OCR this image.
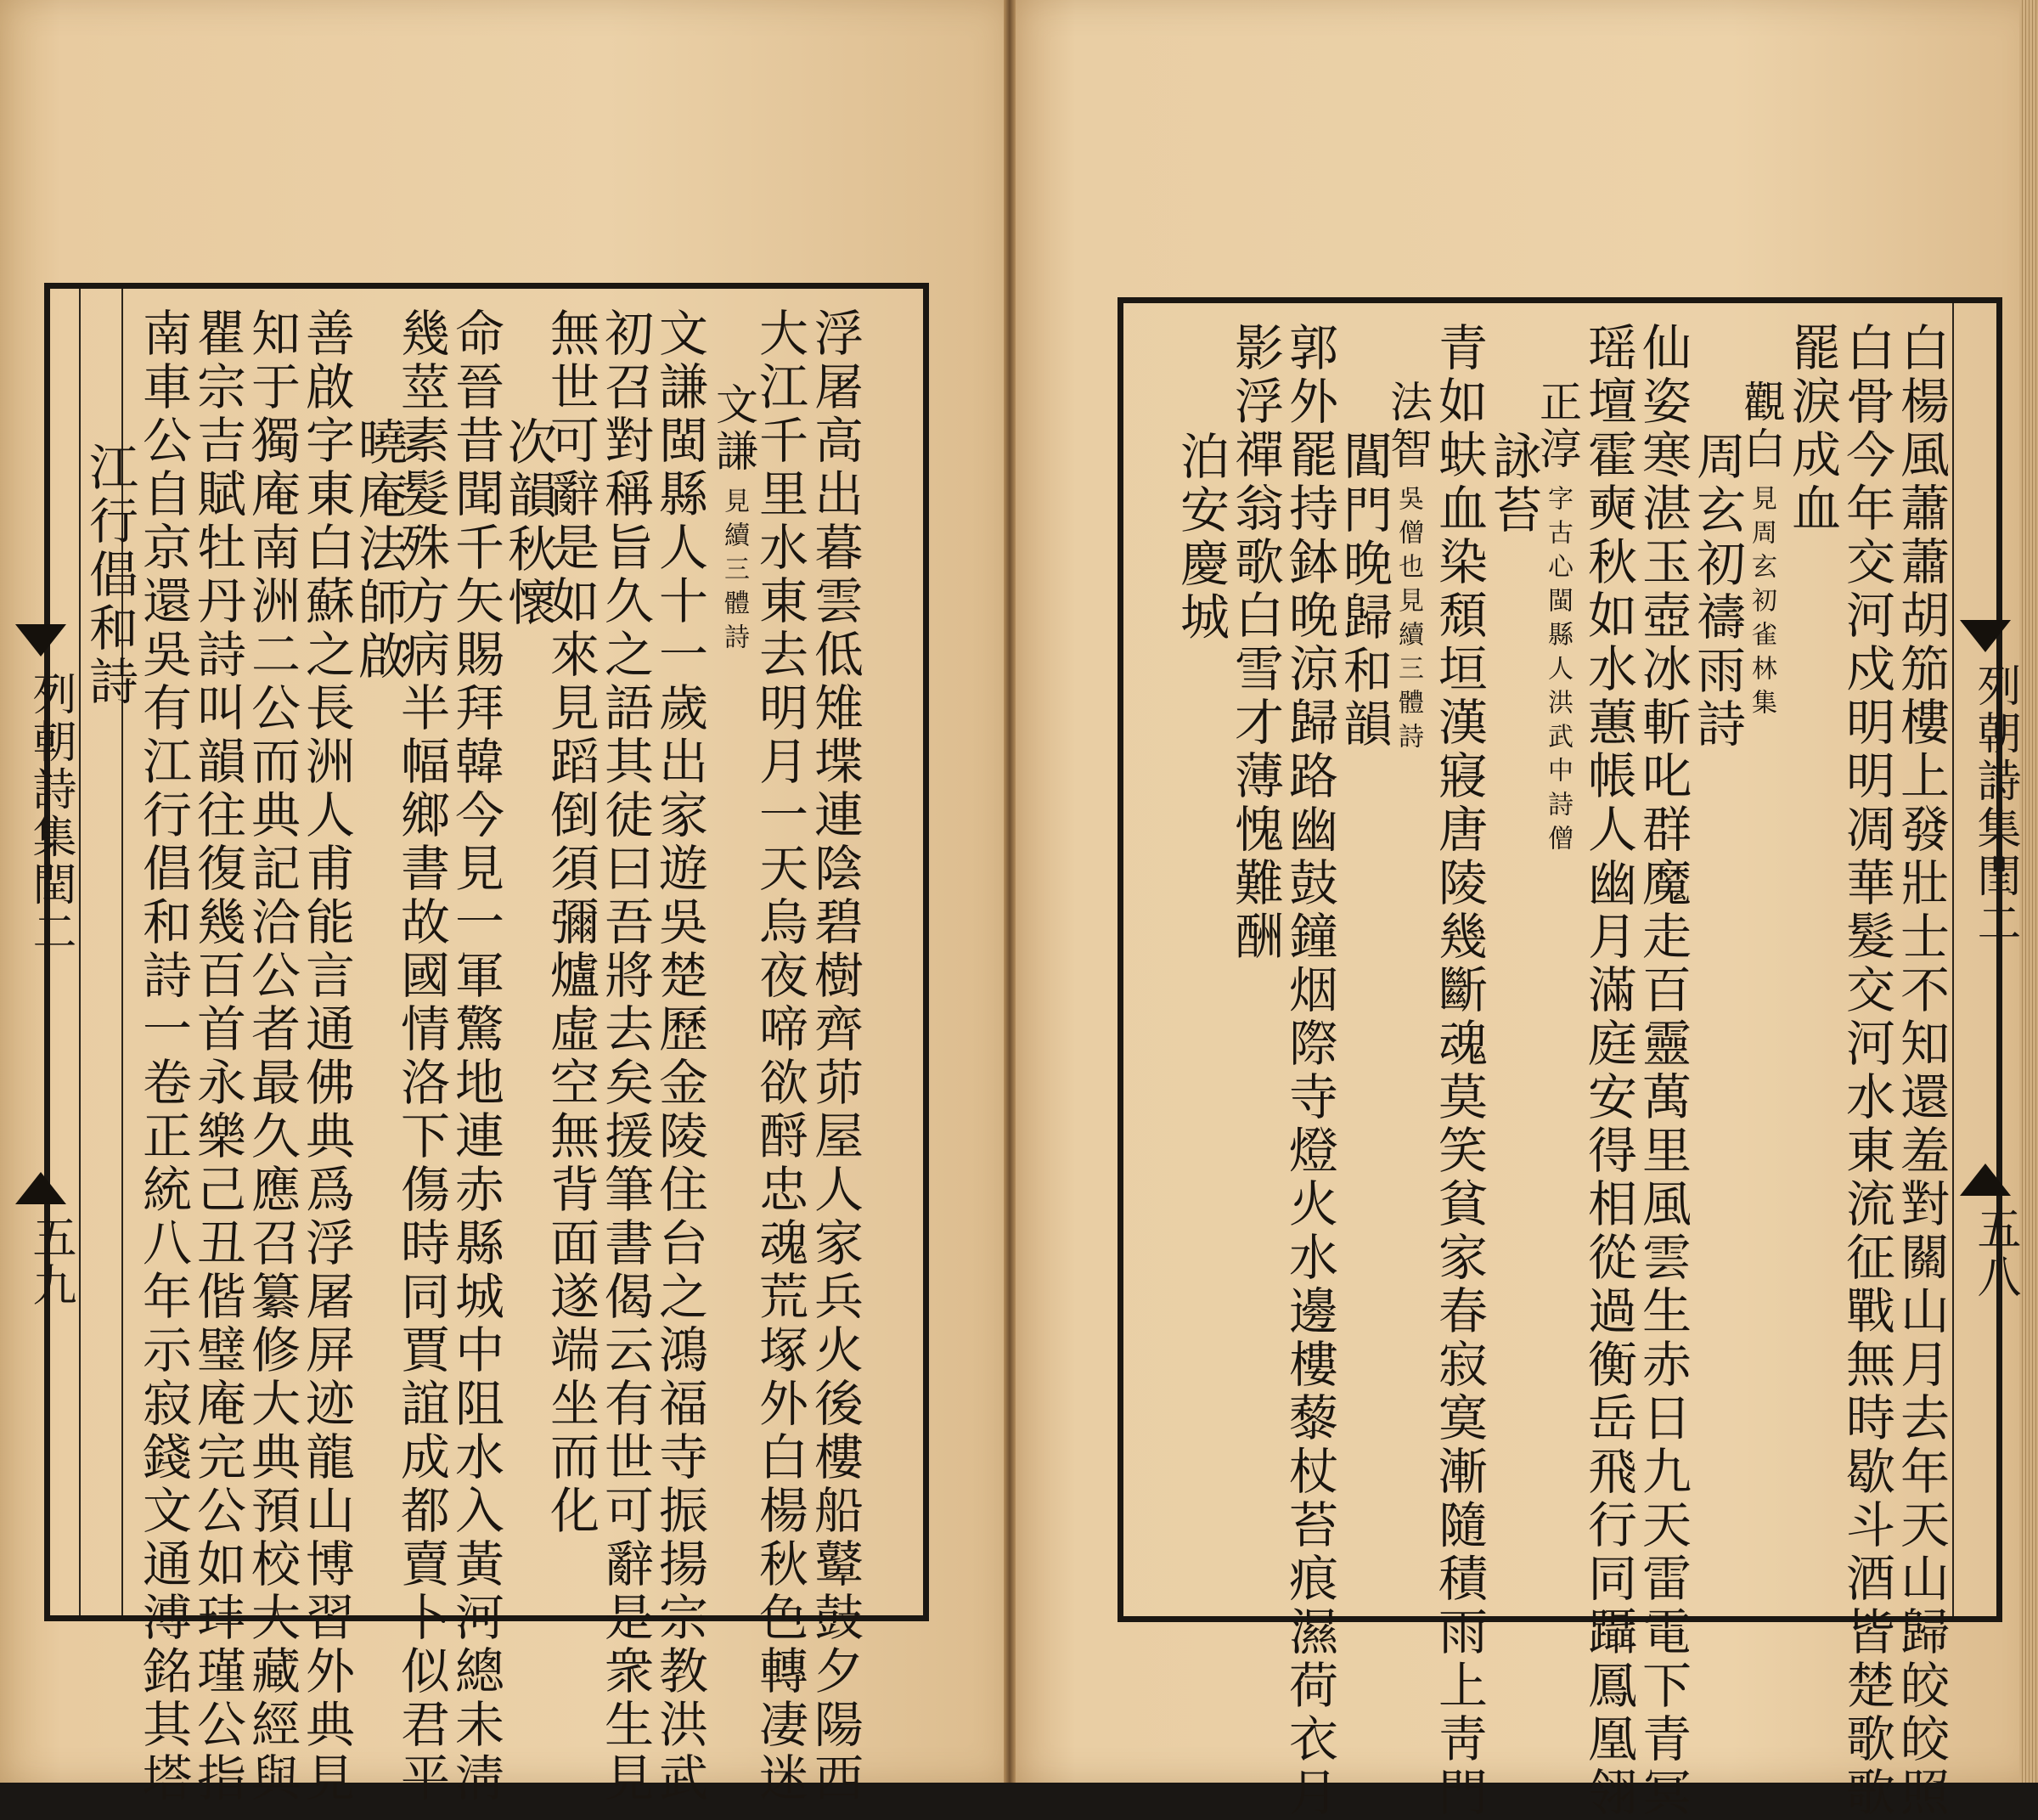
浮屠高出暮雲低雉堞連陰碧樹齊茆屋人家兵火後樓船鼙鼓夕陽西
大江千里水東去明月一天烏夜啼欲酹忠魂荒塚外白楊秋色轉凄迷
文謙
見續三體詩
文謙閩縣人十一歲出家遊吳楚歷金陵住台之鴻福寺振揚宗教洪武
初召對稱旨久之語其徒曰吾將去矣援筆書偈云有世可辭是衆生見
無世可辭是如來見蹈倒須彌爐虛空無背面遂端坐而化
次韻秋懷
命晉昔聞千矢賜拜韓今見一軍驚地連赤縣城中阻水入黃河總未淸
幾莖素髮殊方病半幅鄉書故國情洛下傷時同賈誼成都賣卜似君平
曉庵法師啟
善啟字東白蘇之長洲人甫能言通佛典爲浮屠屏迹龍山博習外典見
知于獨庵南洲二公而典記洽公者最久應召纂修大典預校大藏經與
瞿宗吉賦牡丹詩叫韻往復幾百首永樂己丑偕璧庵完公如玤瑾公指
南車公自京還吳有江行倡和詩一卷正統八年示寂錢文通溥銘其塔
江行倡和詩
列朝詩集閏二
五九	白楊風蕭蕭胡笳樓上發壯士不知還羞對關山月去年天山歸皎皎照
白骨今年交河戍明明凋華髮交河水東流征戰無時歇斗酒皆楚歌歌
罷淚成血
觀白
見周玄初雀林集
周玄初禱雨詩
仙姿寒湛玉壺冰斬叱群魔走百靈萬里風雲生赤日九天雷電下青冥
瑶壇霍奭秋如水蕙帳人幽月滿庭安得相從過衡岳飛行同躡鳳凰翎
正淳
字古心閩縣人洪武中詩僧
詠苔
青如蚨血染頹垣漢寢唐陵幾斷魂莫笑貧家春寂寞漸隨積雨上靑門
法智
吳僧也見續三體詩
閶門晚歸和韻
郭外罷持鉢晚涼歸路幽鼓鐘烟際寺燈火水邊樓藜杖苔痕濕荷衣月
影浮禪翁歌白雪才薄愧難酬
泊安慶城
列朝詩集閏二
五八
